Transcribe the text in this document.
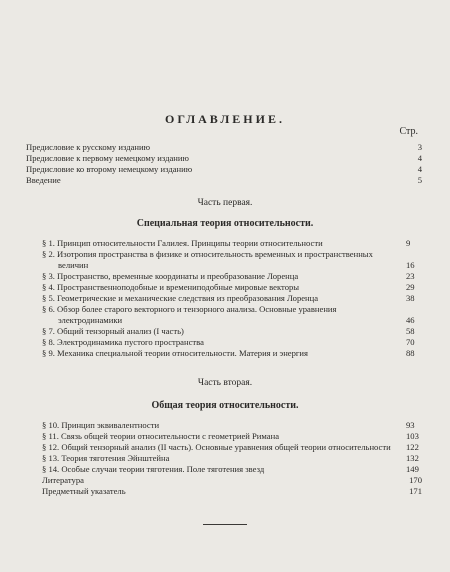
ОГЛАВЛЕНИЕ.
Стр.
Предисловие к русскому изданию	3
Предисловие к первому немецкому изданию	4
Предисловие ко второму немецкому изданию	4
Введение	5
Часть первая.
Специальная теория относительности.
§ 1. Принцип относительности Галилея. Принципы теории относительности	9
§ 2. Изотропия пространства в физике и относительность временных и пространственных величин	16
§ 3. Пространство, временные координаты и преобразование Лоренца	23
§ 4. Пространственноподобные и времениподобные мировые векторы	29
§ 5. Геометрические и механические следствия из преобразования Лоренца	38
§ 6. Обзор более старого векторного и тензорного анализа. Основные уравнения электродинамики	46
§ 7. Общий тензорный анализ (I часть)	58
§ 8. Электродинамика пустого пространства	70
§ 9. Механика специальной теории относительности. Материя и энергия	88
Часть вторая.
Общая теория относительности.
§ 10. Принцип эквивалентности	93
§ 11. Связь общей теории относительности с геометрией Римана	103
§ 12. Общий тензорный анализ (II часть). Основные уравнения общей теории относительности 122
§ 13. Теория тяготения Эйнштейна	132
§ 14. Особые случаи теории тяготения. Поле тяготения звезд	149
Литература	170
Предметный указатель	171
